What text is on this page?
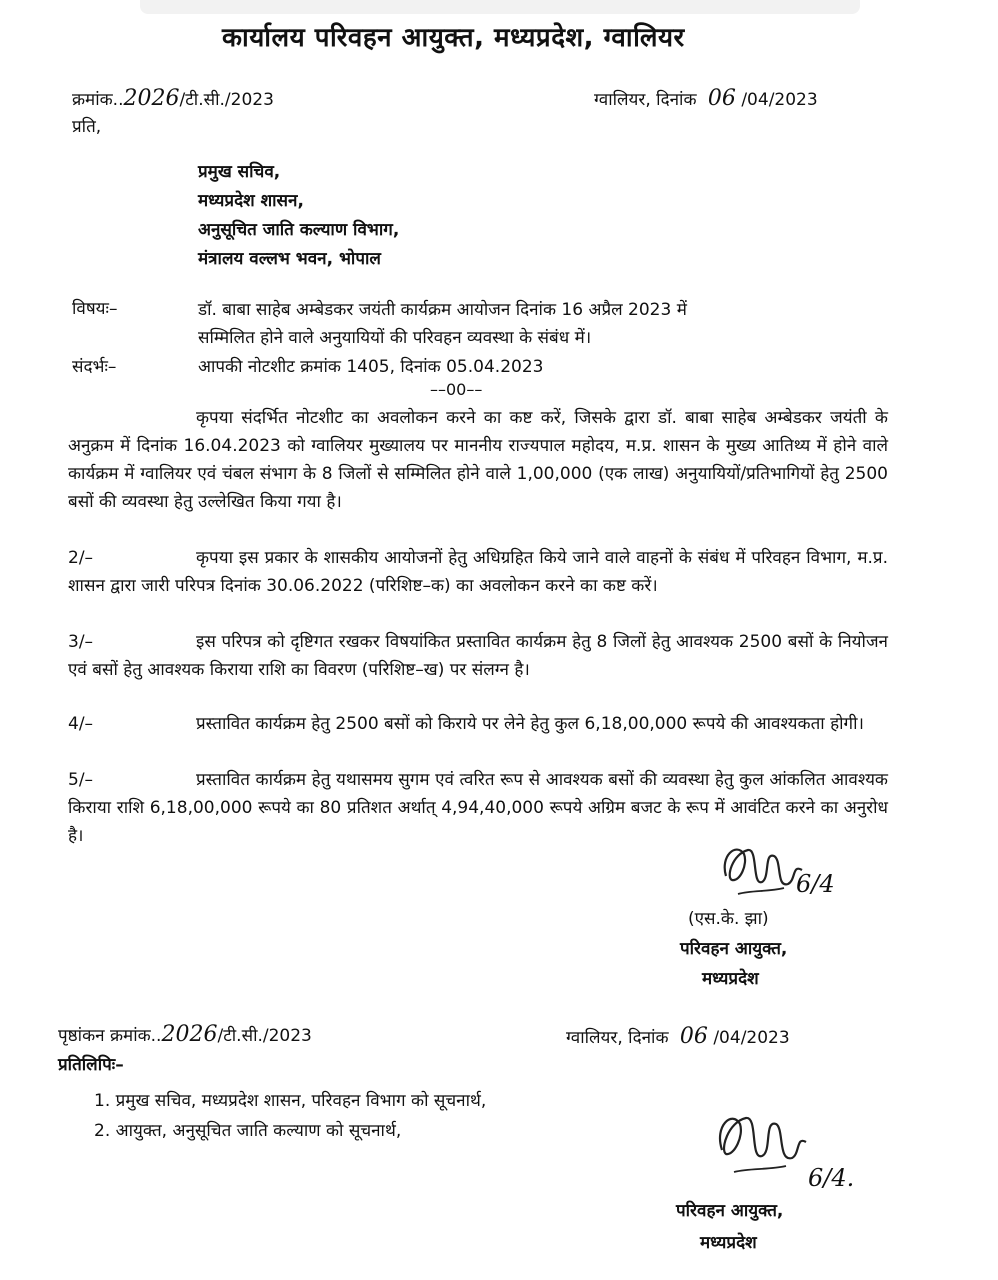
कार्यालय परिवहन आयुक्त, मध्यप्रदेश, ग्वालियर
क्रमांक..2026/टी.सी./2023	ग्वालियर, दिनांक 06 /04/2023
प्रति,
प्रमुख सचिव,
मध्यप्रदेश शासन,
अनुसूचित जाति कल्याण विभाग,
मंत्रालय वल्लभ भवन, भोपाल
विषयः–	डॉ. बाबा साहेब अम्बेडकर जयंती कार्यक्रम आयोजन दिनांक 16 अप्रैल 2023 में
सम्मिलित होने वाले अनुयायियों की परिवहन व्यवस्था के संबंध में।
संदर्भः–	आपकी नोटशीट क्रमांक 1405, दिनांक 05.04.2023
––00––

कृपया संदर्भित नोटशीट का अवलोकन करने का कष्ट करें, जिसके द्वारा डॉ. बाबा साहेब अम्बेडकर जयंती के अनुक्रम में दिनांक 16.04.2023 को ग्वालियर मुख्यालय पर माननीय राज्यपाल महोदय, म.प्र. शासन के मुख्य आतिथ्य में होने वाले कार्यक्रम में ग्वालियर एवं चंबल संभाग के 8 जिलों से सम्मिलित होने वाले 1,00,000 (एक लाख) अनुयायियों/प्रतिभागियों हेतु 2500 बसों की व्यवस्था हेतु उल्लेखित किया गया है।

2/–	कृपया इस प्रकार के शासकीय आयोजनों हेतु अधिग्रहित किये जाने वाले वाहनों के संबंध में परिवहन विभाग, म.प्र. शासन द्वारा जारी परिपत्र दिनांक 30.06.2022 (परिशिष्ट–क) का अवलोकन करने का कष्ट करें।

3/–	इस परिपत्र को दृष्टिगत रखकर विषयांकित प्रस्तावित कार्यक्रम हेतु 8 जिलों हेतु आवश्यक 2500 बसों के नियोजन एवं बसों हेतु आवश्यक किराया राशि का विवरण (परिशिष्ट–ख) पर संलग्न है।

4/–	प्रस्तावित कार्यक्रम हेतु 2500 बसों को किराये पर लेने हेतु कुल 6,18,00,000 रूपये की आवश्यकता होगी।

5/–	प्रस्तावित कार्यक्रम हेतु यथासमय सुगम एवं त्वरित रूप से आवश्यक बसों की व्यवस्था हेतु कुल आंकलित आवश्यक किराया राशि 6,18,00,000 रूपये का 80 प्रतिशत अर्थात् 4,94,40,000 रूपये अग्रिम बजट के रूप में आवंटित करने का अनुरोध है।

6/4
(एस.के. झा)
परिवहन आयुक्त,
मध्यप्रदेश
पृष्ठांकन क्रमांक..2026/टी.सी./2023	ग्वालियर, दिनांक 06 /04/2023
प्रतिलिपिः–
1. प्रमुख सचिव, मध्यप्रदेश शासन, परिवहन विभाग को सूचनार्थ,
2. आयुक्त, अनुसूचित जाति कल्याण को सूचनार्थ,
6/4.
परिवहन आयुक्त,
मध्यप्रदेश
